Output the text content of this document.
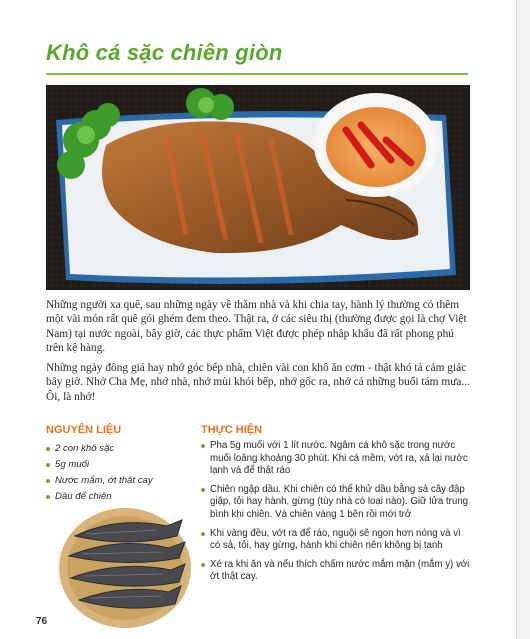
Khô cá sặc chiên giòn

Những người xa quê, sau những ngày về thăm nhà và khi chia tay, hành lý thường có thêm một vài món rất quê gói ghém đem theo. Thật ra, ở các siêu thị (thường được gọi là chợ Việt Nam) tại nước ngoài, bây giờ, các thực phẩm Việt được phép nhập khẩu đã rất phong phú trên kệ hàng.

Những ngày đông giá hay nhớ góc bếp nhà, chiên vài con khô ăn cơm - thật khó tả cảm giác bây giờ. Nhớ Cha Mẹ, nhớ nhà, nhớ mùi khói bếp, nhớ gốc ra, nhớ cả những buổi tám mưa... Ôi, là nhớ!

NGUYÊN LIỆU
2 con khô sặc
5g muối
Nước mắm, ớt thật cay
Dầu để chiên
THỰC HIỆN
Pha 5g muối với 1 lít nước. Ngâm cá khô sặc trong nước muối loãng khoảng 30 phút. Khi cá mềm, vớt ra, xả lại nước lạnh và để thật ráo
Chiên ngập dầu. Khi chiên có thể khử dầu bằng sả cây đập giập, tỏi hay hành, gừng (tùy nhà có loại nào). Giữ lửa trung bình khi chiên. Và chiên vàng 1 bên rồi mới trở
Khi vàng đều, vớt ra để ráo, nguội sẽ ngon hơn nóng và vì có sả, tỏi, hay gừng, hành khi chiên nên không bị tanh
Xé ra khi ăn và nếu thích chấm nước mắm mặn (mắm y) với ớt thật cay.
76
